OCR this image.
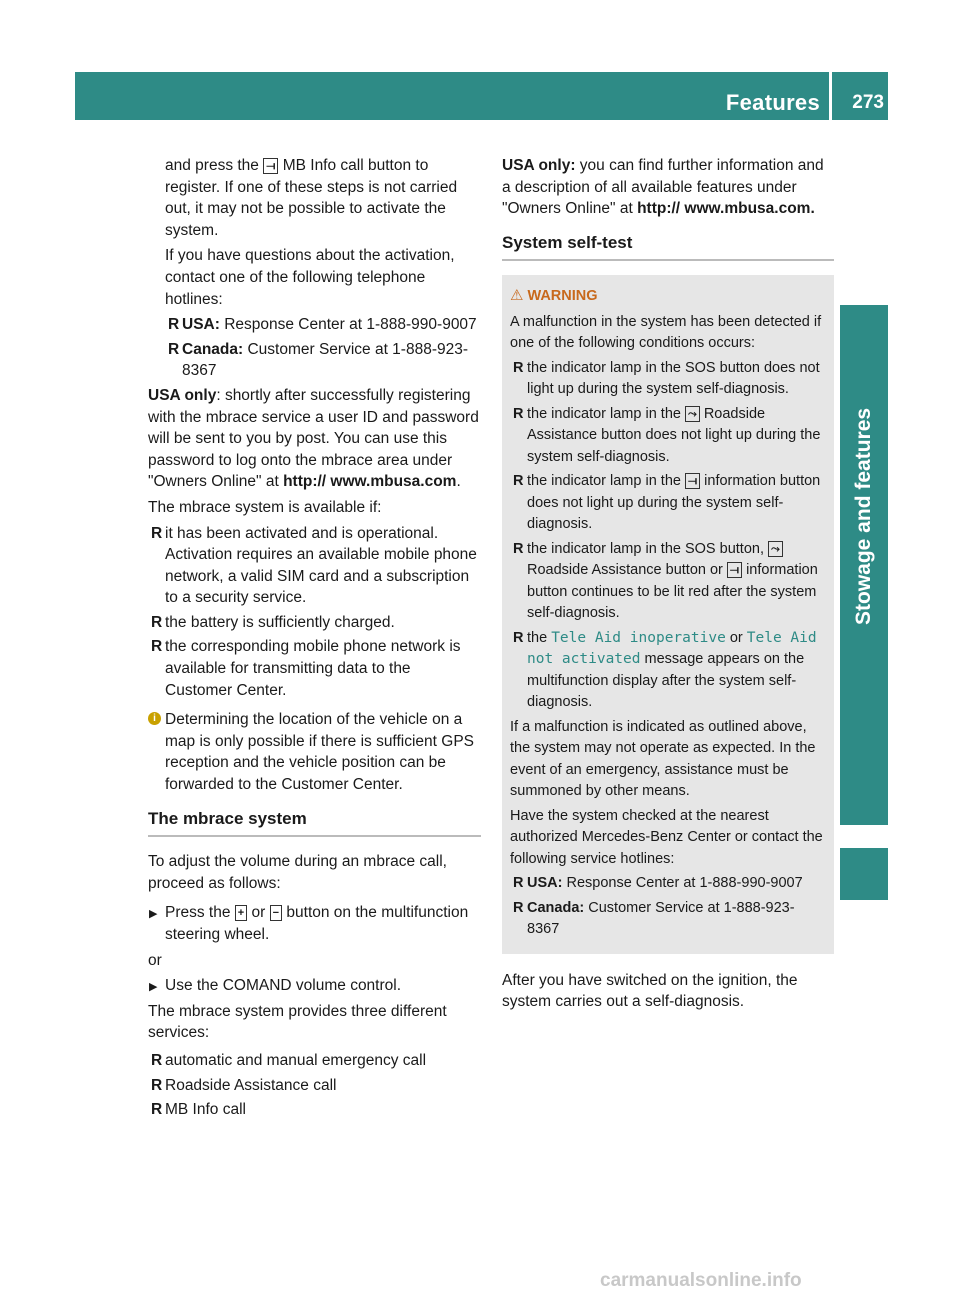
Features 273
Stowage and features

and press the ⟞ MB Info call button to register. If one of these steps is not carried out, it may not be possible to activate the system.

If you have questions about the activation, contact one of the following telephone hotlines:

R USA: Response Center at 1-888-990-9007
R Canada: Customer Service at 1-888-923-8367

USA only: shortly after successfully registering with the mbrace service a user ID and password will be sent to you by post. You can use this password to log onto the mbrace area under "Owners Online" at http:// www.mbusa.com.

The mbrace system is available if:

R it has been activated and is operational. Activation requires an available mobile phone network, a valid SIM card and a subscription to a security service.
R the battery is sufficiently charged.
R the corresponding mobile phone network is available for transmitting data to the Customer Center.
i Determining the location of the vehicle on a map is only possible if there is sufficient GPS reception and the vehicle position can be forwarded to the Customer Center.
The mbrace system

To adjust the volume during an mbrace call, proceed as follows:

▶ Press the + or − button on the multifunction steering wheel.

or

▶ Use the COMAND volume control.

The mbrace system provides three different services:

R automatic and manual emergency call
R Roadside Assistance call
R MB Info call

USA only: you can find further information and a description of all available features under "Owners Online" at http:// www.mbusa.com.

System self-test
⚠ WARNING

A malfunction in the system has been detected if one of the following conditions occurs:

R the indicator lamp in the SOS button does not light up during the system self-diagnosis.
R the indicator lamp in the ⤳ Roadside Assistance button does not light up during the system self-diagnosis.
R the indicator lamp in the ⟞ information button does not light up during the system self-diagnosis.
R the indicator lamp in the SOS button, ⤳ Roadside Assistance button or ⟞ information button continues to be lit red after the system self-diagnosis.
R the Tele Aid inoperative or Tele Aid not activated message appears on the multifunction display after the system self-diagnosis.

If a malfunction is indicated as outlined above, the system may not operate as expected. In the event of an emergency, assistance must be summoned by other means.

Have the system checked at the nearest authorized Mercedes-Benz Center or contact the following service hotlines:

R USA: Response Center at 1-888-990-9007
R Canada: Customer Service at 1-888-923-8367

After you have switched on the ignition, the system carries out a self-diagnosis.

carmanualsonline.info
